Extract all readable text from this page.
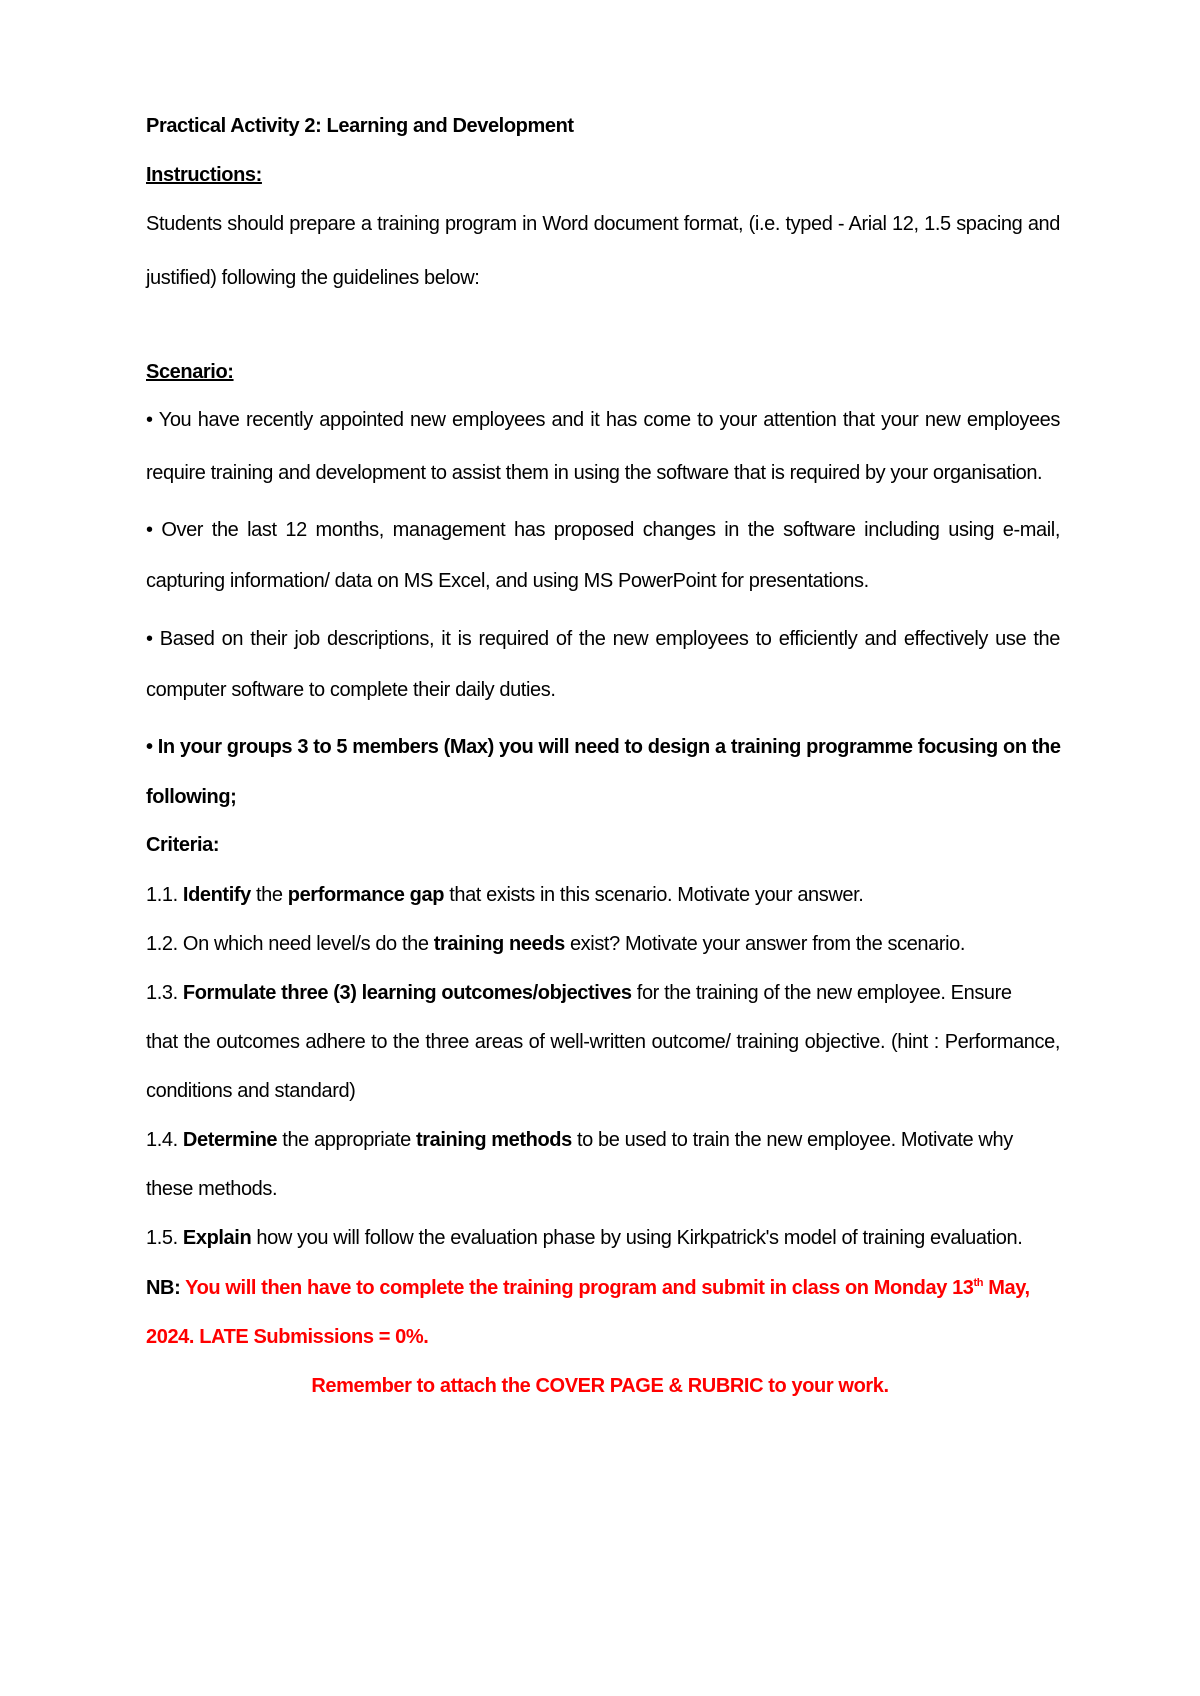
Practical Activity 2: Learning and Development
Instructions:
Students should prepare a training program in Word document format, (i.e. typed - Arial 12, 1.5 spacing and
justified) following the guidelines below:
Scenario:
• You have recently appointed new employees and it has come to your attention that your new employees
require training and development to assist them in using the software that is required by your organisation.
• Over the last 12 months, management has proposed changes in the software including using e-mail,
capturing information/ data on MS Excel, and using MS PowerPoint for presentations.
• Based on their job descriptions, it is required of the new employees to efficiently and effectively use the
computer software to complete their daily duties.
• In your groups 3 to 5 members (Max) you will need to design a training programme focusing on the
following;
Criteria:
1.1. Identify the performance gap that exists in this scenario. Motivate your answer.
1.2. On which need level/s do the training needs exist? Motivate your answer from the scenario.
1.3. Formulate three (3) learning outcomes/objectives for the training of the new employee. Ensure
that the outcomes adhere to the three areas of well-written outcome/ training objective. (hint : Performance,
conditions and standard)
1.4. Determine the appropriate training methods to be used to train the new employee. Motivate why
these methods.
1.5. Explain how you will follow the evaluation phase by using Kirkpatrick's model of training evaluation.
NB: You will then have to complete the training program and submit in class on Monday 13th May,
2024. LATE Submissions = 0%.
Remember to attach the COVER PAGE & RUBRIC to your work.
